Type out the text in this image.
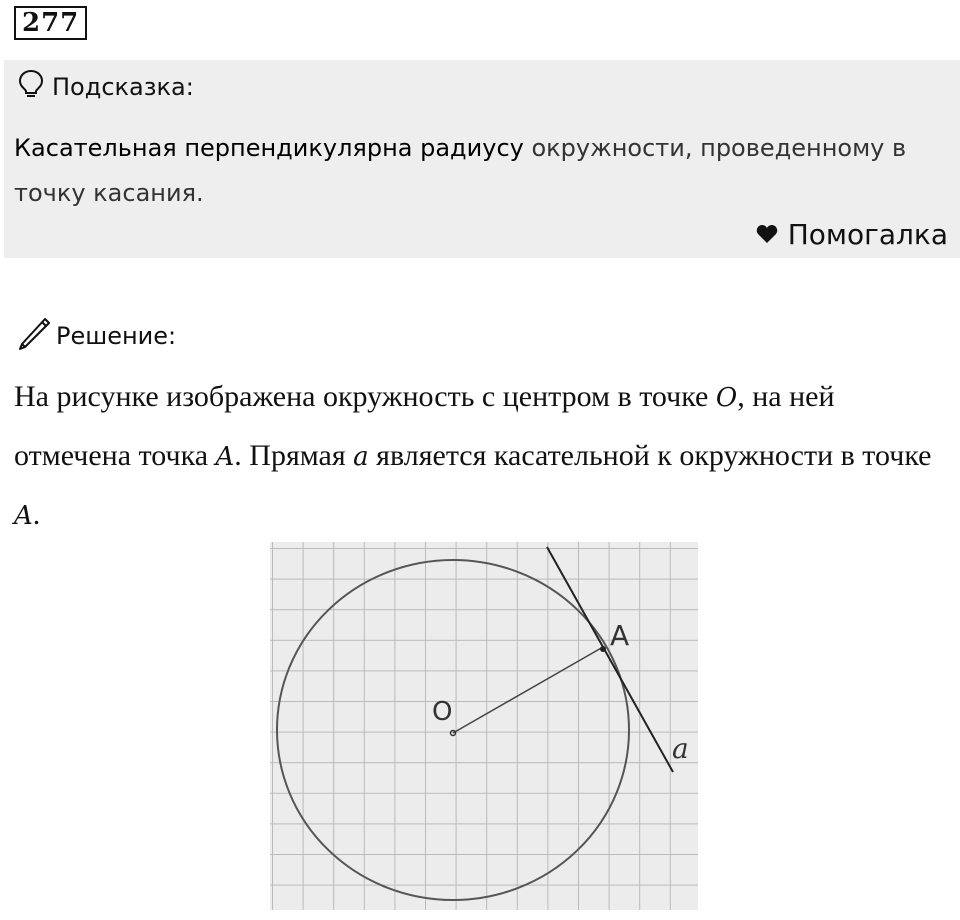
277
Подсказка:
Касательная перпендикулярна радиусу окружности, проведенному в точку касания.
Помогалка
Решение:
На рисунке изображена окружность с центром в точке O, на ней отмечена точка A. Прямая a является касательной к окружности в точке A.
O
A
a
